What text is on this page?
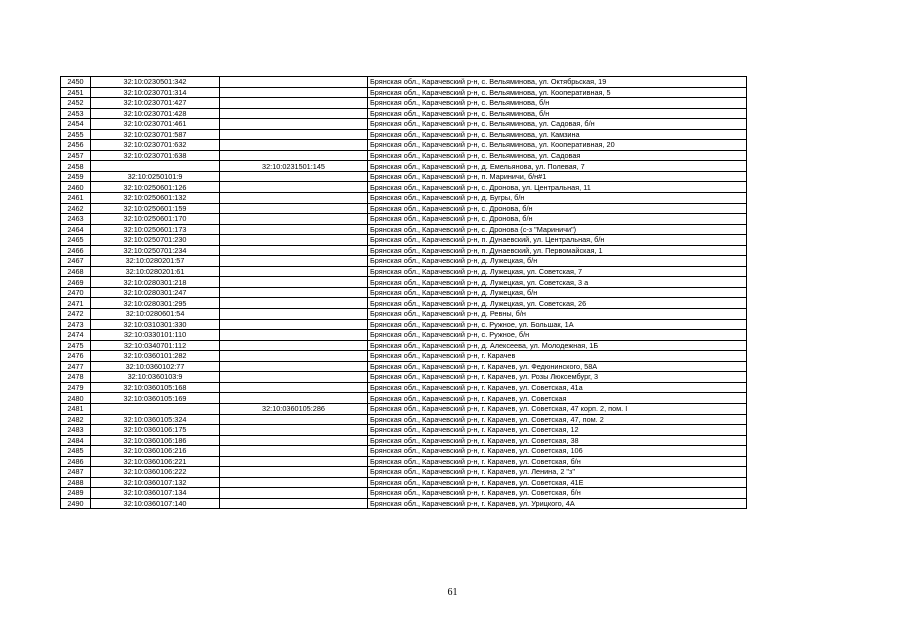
2450	32:10:0230501:342		Брянская обл., Карачевский р-н, с. Вельяминова, ул. Октябрьская, 19
2451	32:10:0230701:314		Брянская обл., Карачевский р-н, с. Вельяминова, ул. Кооперативная, 5
2452	32:10:0230701:427		Брянская обл., Карачевский р-н, с. Вельяминова, б/н
2453	32:10:0230701:428		Брянская обл., Карачевский р-н, с. Вельяминова, б/н
2454	32:10:0230701:461		Брянская обл., Карачевский р-н, с. Вельяминова, ул. Садовая, б/н
2455	32:10:0230701:587		Брянская обл., Карачевский р-н, с. Вельяминова, ул. Камзина
2456	32:10:0230701:632		Брянская обл., Карачевский р-н, с. Вельяминова, ул. Кооперативная, 20
2457	32:10:0230701:638		Брянская обл., Карачевский р-н, с. Вельяминова, ул. Садовая
2458		32:10:0231501:145	Брянская обл., Карачевский р-н, д. Емельянова, ул. Полевая, 7
2459	32:10:0250101:9		Брянская обл., Карачевский р-н, п. Мариничи, б/н#1
2460	32:10:0250601:126		Брянская обл., Карачевский р-н, с. Дронова, ул. Центральная, 11
2461	32:10:0250601:132		Брянская обл., Карачевский р-н, д. Бугры, б/н
2462	32:10:0250601:159		Брянская обл., Карачевский р-н, с. Дронова, б/н
2463	32:10:0250601:170		Брянская обл., Карачевский р-н, с. Дронова, б/н
2464	32:10:0250601:173		Брянская обл., Карачевский р-н, с. Дронова (с-з "Мариничи")
2465	32:10:0250701:230		Брянская обл., Карачевский р-н, п. Дунаевский, ул. Центральная, б/н
2466	32:10:0250701:234		Брянская обл., Карачевский р-н, п. Дунаевский, ул. Первомайская, 1
2467	32:10:0280201:57		Брянская обл., Карачевский р-н, д. Лужецкая, б/н
2468	32:10:0280201:61		Брянская обл., Карачевский р-н, д. Лужецкая, ул. Советская, 7
2469	32:10:0280301:218		Брянская обл., Карачевский р-н, д. Лужецкая, ул. Советская, 3 а
2470	32:10:0280301:247		Брянская обл., Карачевский р-н, д. Лужецкая, б/н
2471	32:10:0280301:295		Брянская обл., Карачевский р-н, д. Лужецкая, ул. Советская, 26
2472	32:10:0280601:54		Брянская обл., Карачевский р-н, д. Ревны, б/н
2473	32:10:0310301:330		Брянская обл., Карачевский р-н, с. Ружное, ул. Большак, 1А
2474	32:10:0330101:110		Брянская обл., Карачевский р-н, с. Ружное, б/н
2475	32:10:0340701:112		Брянская обл., Карачевский р-н, д. Алексеева, ул. Молодежная, 1Б
2476	32:10:0360101:282		Брянская обл., Карачевский р-н, г. Карачев
2477	32:10:0360102:77		Брянская обл., Карачевский р-н, г. Карачев, ул. Федюнинского, 58А
2478	32:10:0360103:9		Брянская обл., Карачевский р-н, г. Карачев, ул. Розы Люксембург, 3
2479	32:10:0360105:168		Брянская обл., Карачевский р-н, г. Карачев, ул. Советская, 41а
2480	32:10:0360105:169		Брянская обл., Карачевский р-н, г. Карачев, ул. Советская
2481		32:10:0360105:286	Брянская обл., Карачевский р-н, г. Карачев, ул. Советская, 47 корп. 2, пом. I
2482	32:10:0360105:324		Брянская обл., Карачевский р-н, г. Карачев, ул. Советская, 47, пом. 2
2483	32:10:0360106:175		Брянская обл., Карачевский р-н, г. Карачев, ул. Советская, 12
2484	32:10:0360106:186		Брянская обл., Карачевский р-н, г. Карачев, ул. Советская, 38
2485	32:10:0360106:216		Брянская обл., Карачевский р-н, г. Карачев, ул. Советская, 106
2486	32:10:0360106:221		Брянская обл., Карачевский р-н, г. Карачев, ул. Советская, б/н
2487	32:10:0360106:222		Брянская обл., Карачевский р-н, г. Карачев, ул. Ленина, 2 "з"
2488	32:10:0360107:132		Брянская обл., Карачевский р-н, г. Карачев, ул. Советская, 41Е
2489	32:10:0360107:134		Брянская обл., Карачевский р-н, г. Карачев, ул. Советская, б/н
2490	32:10:0360107:140		Брянская обл., Карачевский р-н, г. Карачев, ул. Урицкого, 4А
61
